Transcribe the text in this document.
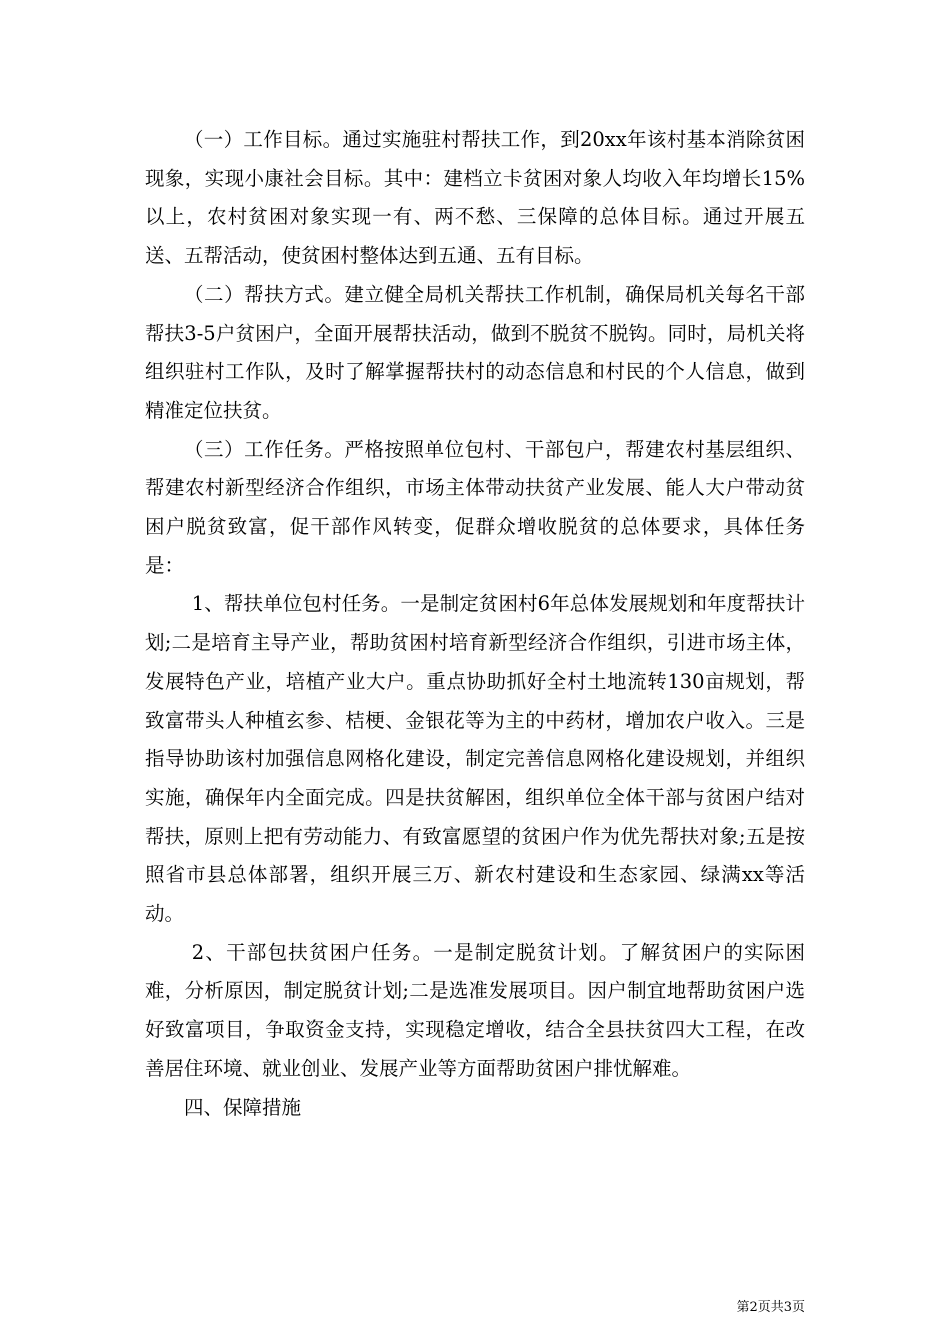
（一）工作目标。通过实施驻村帮扶工作，到20xx年该村基本消除贫困现象，实现小康社会目标。其中：建档立卡贫困对象人均收入年均增长15%以上，农村贫困对象实现一有、两不愁、三保障的总体目标。通过开展五送、五帮活动，使贫困村整体达到五通、五有目标。

（二）帮扶方式。建立健全局机关帮扶工作机制，确保局机关每名干部帮扶3-5户贫困户，全面开展帮扶活动，做到不脱贫不脱钩。同时，局机关将组织驻村工作队，及时了解掌握帮扶村的动态信息和村民的个人信息，做到精准定位扶贫。

（三）工作任务。严格按照单位包村、干部包户，帮建农村基层组织、帮建农村新型经济合作组织，市场主体带动扶贫产业发展、能人大户带动贫困户脱贫致富，促干部作风转变，促群众增收脱贫的总体要求，具体任务是：

1、帮扶单位包村任务。一是制定贫困村6年总体发展规划和年度帮扶计划;二是培育主导产业，帮助贫困村培育新型经济合作组织，引进市场主体，发展特色产业，培植产业大户。重点协助抓好全村土地流转130亩规划，帮致富带头人种植玄参、桔梗、金银花等为主的中药材，增加农户收入。三是指导协助该村加强信息网格化建设，制定完善信息网格化建设规划，并组织实施，确保年内全面完成。四是扶贫解困，组织单位全体干部与贫困户结对帮扶，原则上把有劳动能力、有致富愿望的贫困户作为优先帮扶对象;五是按照省市县总体部署，组织开展三万、新农村建设和生态家园、绿满xx等活动。

2、干部包扶贫困户任务。一是制定脱贫计划。了解贫困户的实际困难，分析原因，制定脱贫计划;二是选准发展项目。因户制宜地帮助贫困户选好致富项目，争取资金支持，实现稳定增收，结合全县扶贫四大工程，在改善居住环境、就业创业、发展产业等方面帮助贫困户排忧解难。

四、保障措施

第2页共3页
